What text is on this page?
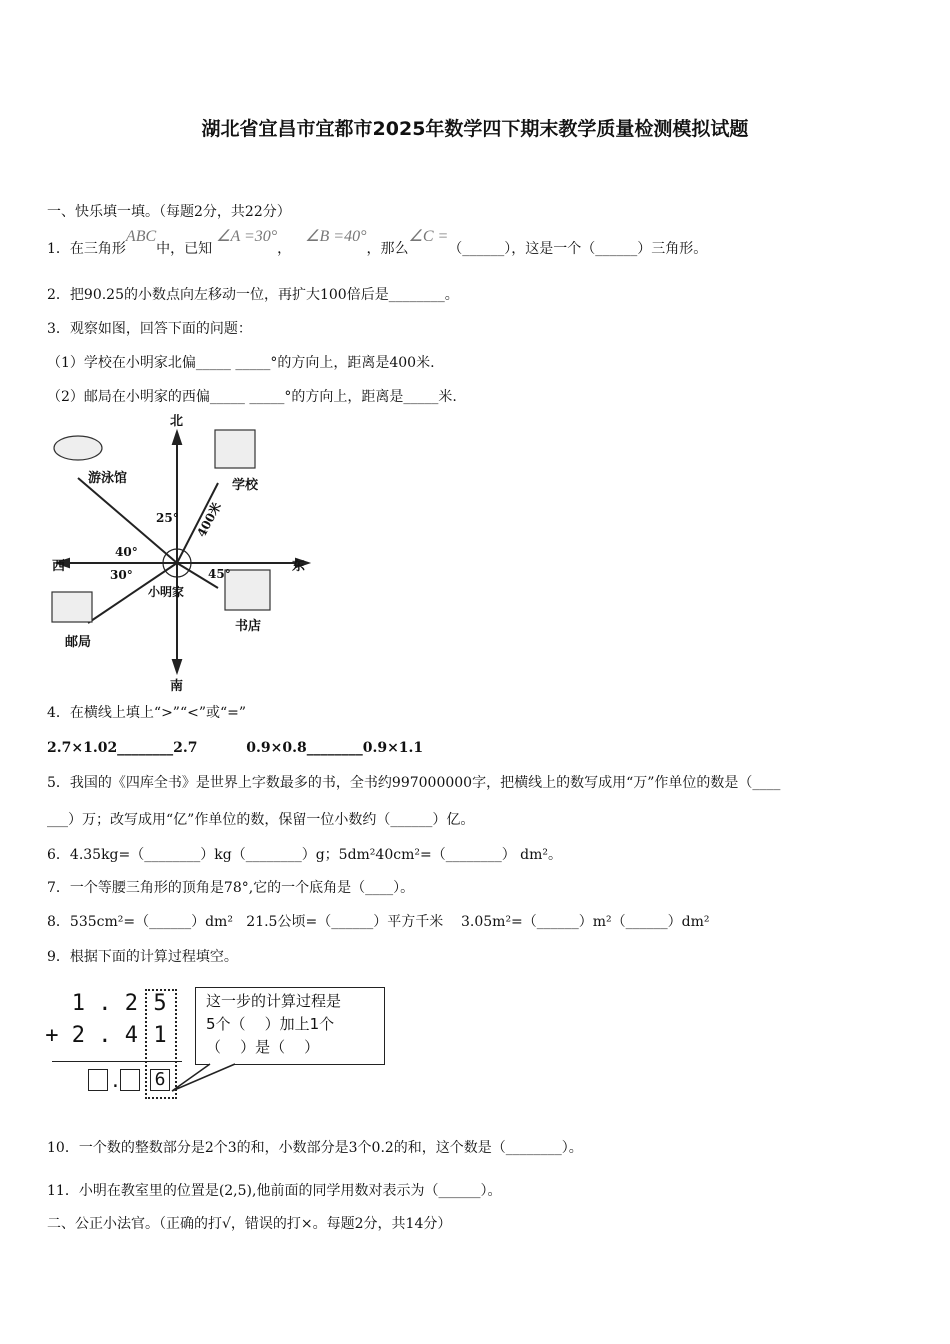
湖北省宜昌市宜都市2025年数学四下期末教学质量检测模拟试题
一、快乐填一填。（每题2分，共22分）
1．在三角形ABC中，已知∠A =30°，∠B =40°，那么∠C =（______），这是一个（______）三角形。
2．把90.25的小数点向左移动一位，再扩大100倍后是________。
3．观察如图，回答下面的问题：
（1）学校在小明家北偏_____ _____°的方向上，距离是400米.
（2）邮局在小明家的西偏_____ _____°的方向上，距离是_____米.
北
南
东
西
游泳馆	学校
邮局
书店
小明家
25°
40°
30°	45°
400米
4．在横线上填上“>”“<”或“=”
2.7×1.02________2.7          0.9×0.8________0.9×1.1
5．我国的《四库全书》是世界上字数最多的书，全书约997000000字，把横线上的数写成用“万”作单位的数是（____
___）万；改写成用“亿”作单位的数，保留一位小数约（______）亿。
6．4.35kg=（________）kg（________）g；5dm²40cm²=（________） dm²。
7．一个等腰三角形的顶角是78°,它的一个底角是（____）。
8．535cm²=（______）dm²   21.5公顷=（______）平方千米    3.05m²=（______）m²（______）dm²
9．根据下面的计算过程填空。
1 . 2 5
+ 2 . 4 1
. 6
这一步的计算过程是
5个（    ）加上1个
（    ）是（    ）
10．一个数的整数部分是2个3的和，小数部分是3个0.2的和，这个数是（________）。
11．小明在教室里的位置是(2,5),他前面的同学用数对表示为（______）。
二、公正小法官。（正确的打√，错误的打×。每题2分，共14分）
